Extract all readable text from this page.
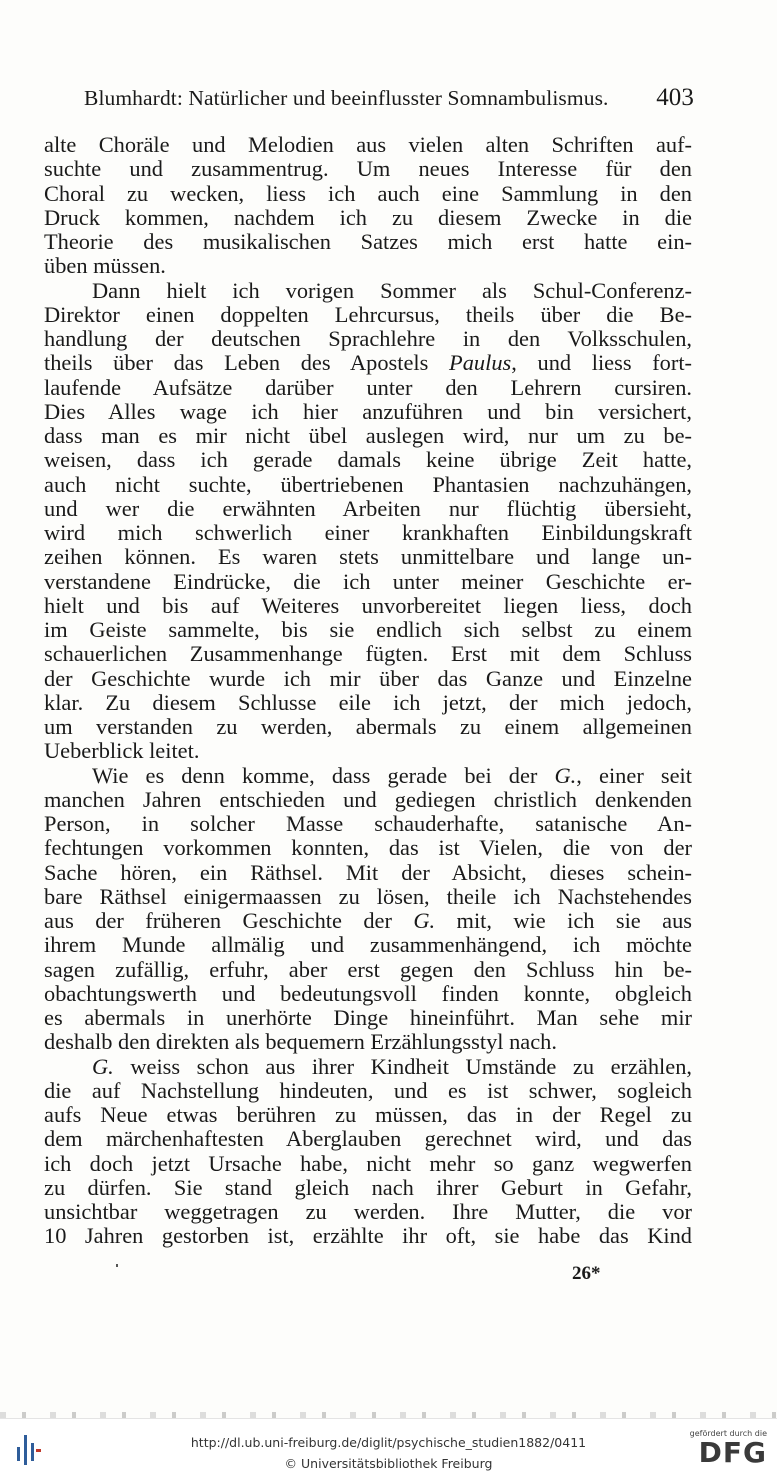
Blumhardt: Natürlicher und beeinflusster Somnambulismus. 403
alte Choräle und Melodien aus vielen alten Schriften auf-
suchte und zusammentrug. Um neues Interesse für den
Choral zu wecken, liess ich auch eine Sammlung in den
Druck kommen, nachdem ich zu diesem Zwecke in die
Theorie des musikalischen Satzes mich erst hatte ein-
üben müssen.
Dann hielt ich vorigen Sommer als Schul-Conferenz-
Direktor einen doppelten Lehrcursus, theils über die Be-
handlung der deutschen Sprachlehre in den Volksschulen,
theils über das Leben des Apostels Paulus, und liess fort-
laufende Aufsätze darüber unter den Lehrern cursiren.
Dies Alles wage ich hier anzuführen und bin versichert,
dass man es mir nicht übel auslegen wird, nur um zu be-
weisen, dass ich gerade damals keine übrige Zeit hatte,
auch nicht suchte, übertriebenen Phantasien nachzuhängen,
und wer die erwähnten Arbeiten nur flüchtig übersieht,
wird mich schwerlich einer krankhaften Einbildungskraft
zeihen können. Es waren stets unmittelbare und lange un-
verstandene Eindrücke, die ich unter meiner Geschichte er-
hielt und bis auf Weiteres unvorbereitet liegen liess, doch
im Geiste sammelte, bis sie endlich sich selbst zu einem
schauerlichen Zusammenhange fügten. Erst mit dem Schluss
der Geschichte wurde ich mir über das Ganze und Einzelne
klar. Zu diesem Schlusse eile ich jetzt, der mich jedoch,
um verstanden zu werden, abermals zu einem allgemeinen
Ueberblick leitet.
Wie es denn komme, dass gerade bei der G., einer seit
manchen Jahren entschieden und gediegen christlich denkenden
Person, in solcher Masse schauderhafte, satanische An-
fechtungen vorkommen konnten, das ist Vielen, die von der
Sache hören, ein Räthsel. Mit der Absicht, dieses schein-
bare Räthsel einigermaassen zu lösen, theile ich Nachstehendes
aus der früheren Geschichte der G. mit, wie ich sie aus
ihrem Munde allmälig und zusammenhängend, ich möchte
sagen zufällig, erfuhr, aber erst gegen den Schluss hin be-
obachtungswerth und bedeutungsvoll finden konnte, obgleich
es abermals in unerhörte Dinge hineinführt. Man sehe mir
deshalb den direkten als bequemern Erzählungsstyl nach.
G. weiss schon aus ihrer Kindheit Umstände zu erzählen,
die auf Nachstellung hindeuten, und es ist schwer, sogleich
aufs Neue etwas berühren zu müssen, das in der Regel zu
dem märchenhaftesten Aberglauben gerechnet wird, und das
ich doch jetzt Ursache habe, nicht mehr so ganz wegwerfen
zu dürfen. Sie stand gleich nach ihrer Geburt in Gefahr,
unsichtbar weggetragen zu werden. Ihre Mutter, die vor
10 Jahren gestorben ist, erzählte ihr oft, sie habe das Kind
26*
http://dl.ub.uni-freiburg.de/diglit/psychische_studien1882/0411
© Universitätsbibliothek Freiburg
gefördert durch die
DFG
